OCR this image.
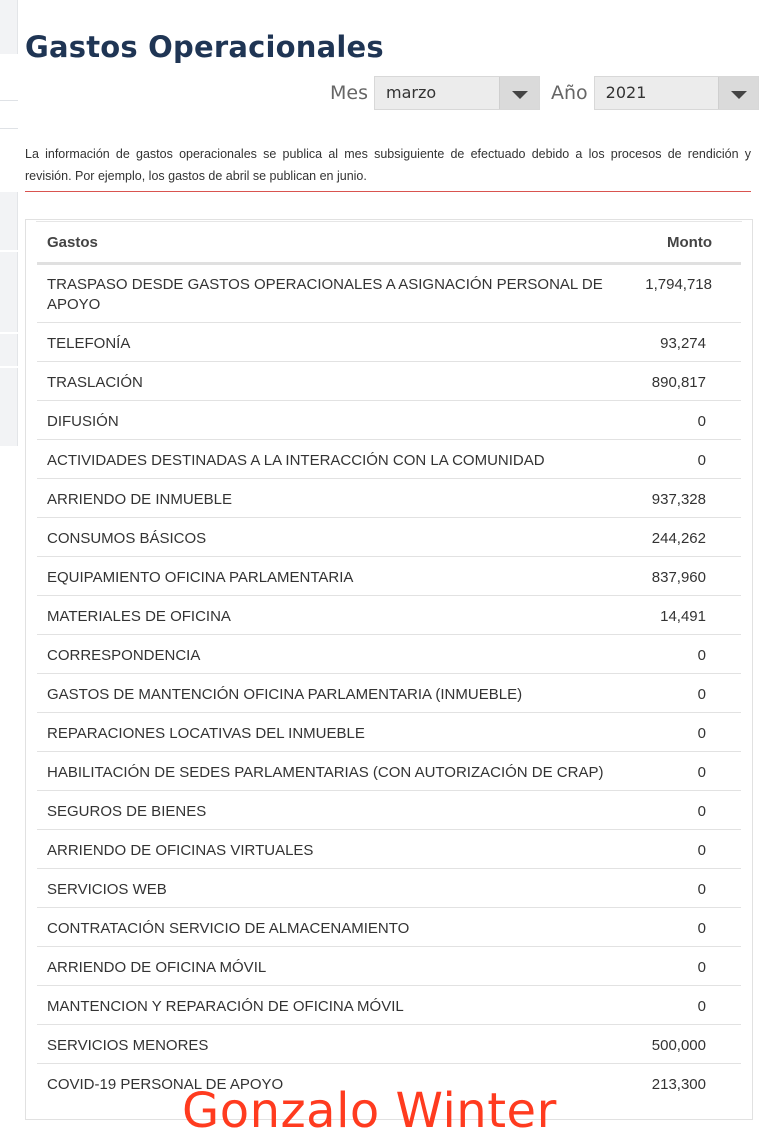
Gastos Operacionales
Mes marzo	Año 2021

La información de gastos operacionales se publica al mes subsiguiente de efectuado debido a los procesos de rendición y revisión. Por ejemplo, los gastos de abril se publican en junio.

Gastos	Monto
TRASPASO DESDE GASTOS OPERACIONALES A ASIGNACIÓN PERSONAL DE APOYO	1,794,718
TELEFONÍA	93,274
TRASLACIÓN	890,817
DIFUSIÓN	0
ACTIVIDADES DESTINADAS A LA INTERACCIÓN CON LA COMUNIDAD	0
ARRIENDO DE INMUEBLE	937,328
CONSUMOS BÁSICOS	244,262
EQUIPAMIENTO OFICINA PARLAMENTARIA	837,960
MATERIALES DE OFICINA	14,491
CORRESPONDENCIA	0
GASTOS DE MANTENCIÓN OFICINA PARLAMENTARIA (INMUEBLE)	0
REPARACIONES LOCATIVAS DEL INMUEBLE	0
HABILITACIÓN DE SEDES PARLAMENTARIAS (CON AUTORIZACIÓN DE CRAP)	0
SEGUROS DE BIENES	0
ARRIENDO DE OFICINAS VIRTUALES	0
SERVICIOS WEB	0
CONTRATACIÓN SERVICIO DE ALMACENAMIENTO	0
ARRIENDO DE OFICINA MÓVIL	0
MANTENCION Y REPARACIÓN DE OFICINA MÓVIL	0
SERVICIOS MENORES	500,000
COVID-19 PERSONAL DE APOYO	213,300
Gonzalo Winter
